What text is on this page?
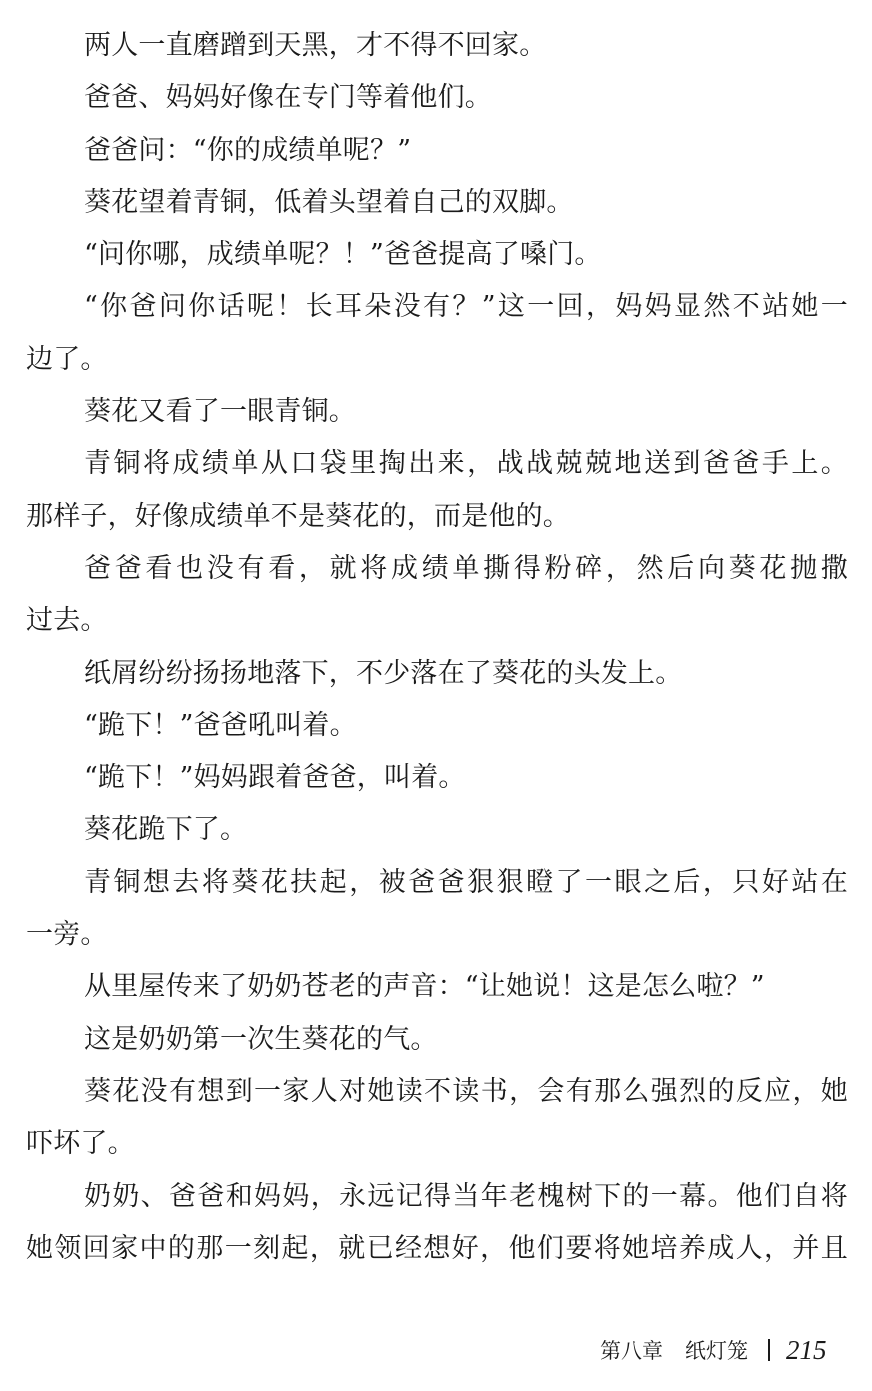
两人一直磨蹭到天黑，才不得不回家。
爸爸、妈妈好像在专门等着他们。
爸爸问：“你的成绩单呢？”
葵花望着青铜，低着头望着自己的双脚。
“问你哪，成绩单呢？！”爸爸提高了嗓门。
“你爸问你话呢！长耳朵没有？”这一回，妈妈显然不站她一
边了。
葵花又看了一眼青铜。
青铜将成绩单从口袋里掏出来，战战兢兢地送到爸爸手上。
那样子，好像成绩单不是葵花的，而是他的。
爸爸看也没有看，就将成绩单撕得粉碎，然后向葵花抛撒
过去。
纸屑纷纷扬扬地落下，不少落在了葵花的头发上。
“跪下！”爸爸吼叫着。
“跪下！”妈妈跟着爸爸，叫着。
葵花跪下了。
青铜想去将葵花扶起，被爸爸狠狠瞪了一眼之后，只好站在
一旁。
从里屋传来了奶奶苍老的声音：“让她说！这是怎么啦？”
这是奶奶第一次生葵花的气。
葵花没有想到一家人对她读不读书，会有那么强烈的反应，她
吓坏了。
奶奶、爸爸和妈妈，永远记得当年老槐树下的一幕。他们自将
她领回家中的那一刻起，就已经想好，他们要将她培养成人，并且
第八章 纸灯笼 215
